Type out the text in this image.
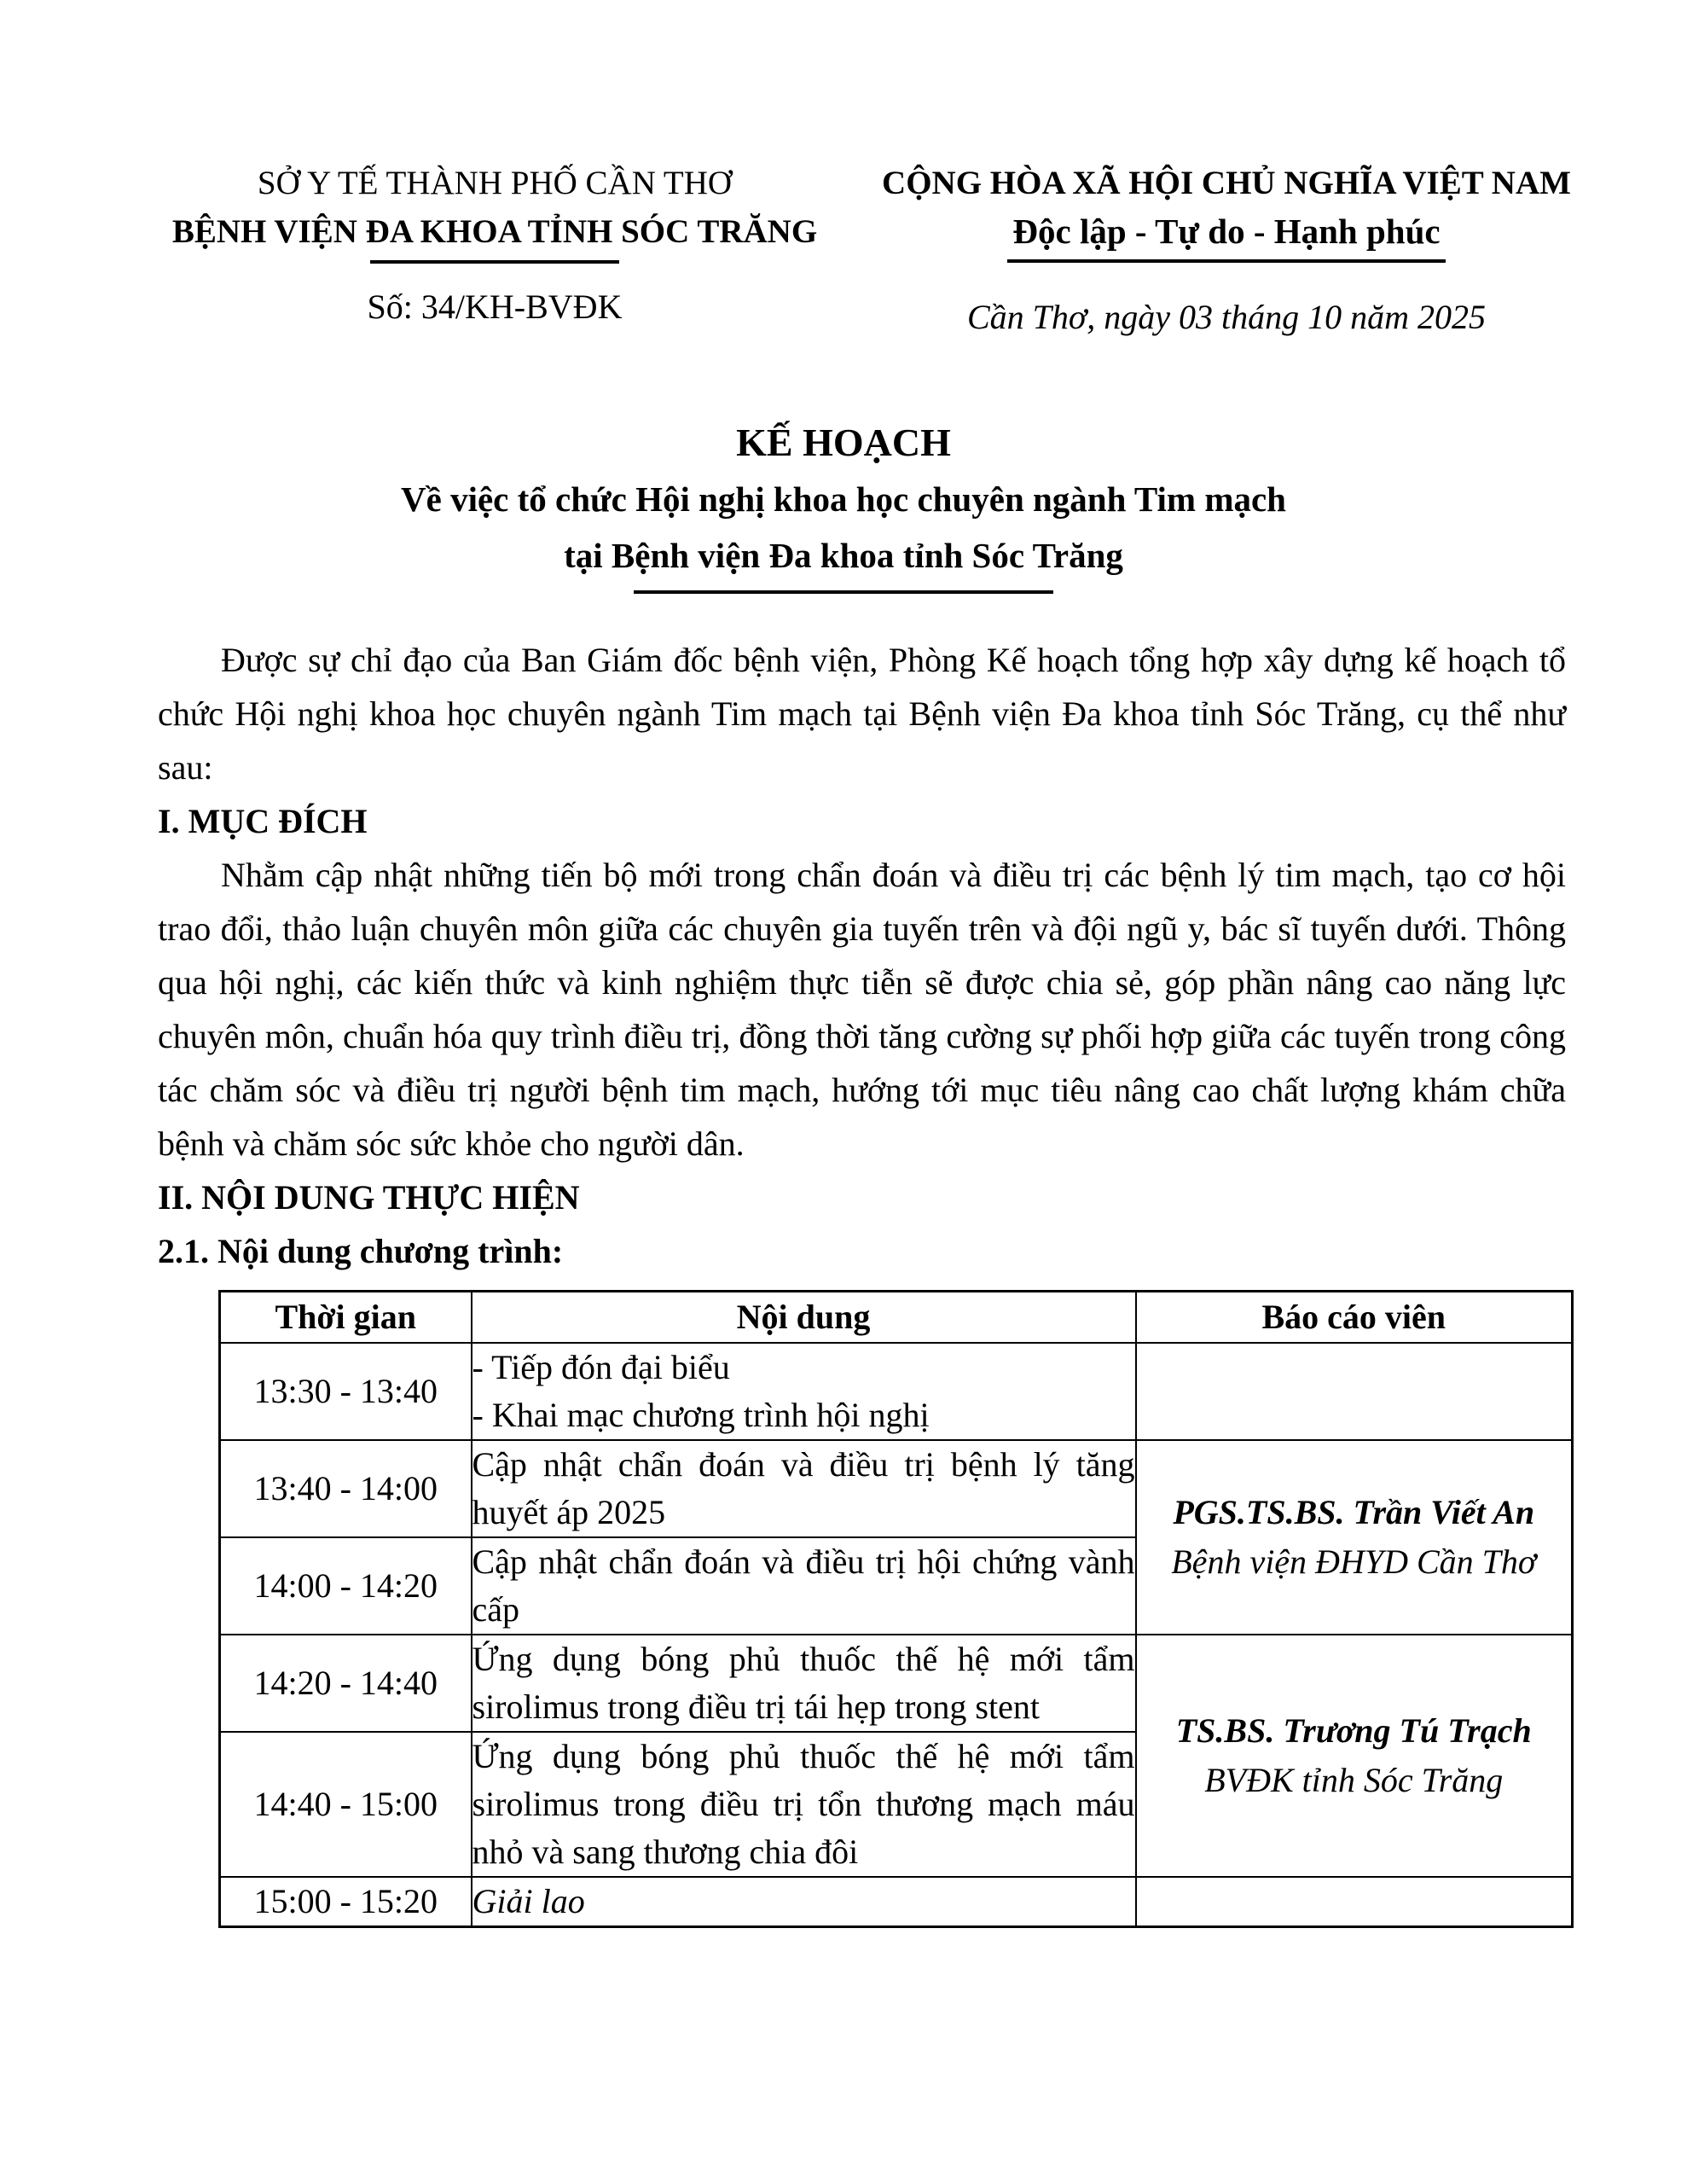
SỞ Y TẾ THÀNH PHỐ CẦN THƠ
BỆNH VIỆN ĐA KHOA TỈNH SÓC TRĂNG
Số: 34/KH-BVĐK
CỘNG HÒA XÃ HỘI CHỦ NGHĨA VIỆT NAM
Độc lập - Tự do - Hạnh phúc
Cần Thơ, ngày 03 tháng 10 năm 2025
KẾ HOẠCH
Về việc tổ chức Hội nghị khoa học chuyên ngành Tim mạch
tại Bệnh viện Đa khoa tỉnh Sóc Trăng

Được sự chỉ đạo của Ban Giám đốc bệnh viện, Phòng Kế hoạch tổng hợp xây dựng kế hoạch tổ chức Hội nghị khoa học chuyên ngành Tim mạch tại Bệnh viện Đa khoa tỉnh Sóc Trăng, cụ thể như sau:

I. MỤC ĐÍCH

Nhằm cập nhật những tiến bộ mới trong chẩn đoán và điều trị các bệnh lý tim mạch, tạo cơ hội trao đổi, thảo luận chuyên môn giữa các chuyên gia tuyến trên và đội ngũ y, bác sĩ tuyến dưới. Thông qua hội nghị, các kiến thức và kinh nghiệm thực tiễn sẽ được chia sẻ, góp phần nâng cao năng lực chuyên môn, chuẩn hóa quy trình điều trị, đồng thời tăng cường sự phối hợp giữa các tuyến trong công tác chăm sóc và điều trị người bệnh tim mạch, hướng tới mục tiêu nâng cao chất lượng khám chữa bệnh và chăm sóc sức khỏe cho người dân.

II. NỘI DUNG THỰC HIỆN
2.1. Nội dung chương trình:
Thời gian	Nội dung	Báo cáo viên
13:30 - 13:40	- Tiếp đón đại biểu
- Khai mạc chương trình hội nghị	

13:40 - 14:00	Cập nhật chẩn đoán và điều trị bệnh lý tăng huyết áp 2025	PGS.TS.BS. Trần Viết An
Bệnh viện ĐHYD Cần Thơ

14:00 - 14:20	Cập nhật chẩn đoán và điều trị hội chứng vành cấp	
14:20 - 14:40	Ứng dụng bóng phủ thuốc thế hệ mới tẩm sirolimus trong điều trị tái hẹp trong stent	TS.BS. Trương Tú Trạch
BVĐK tỉnh Sóc Trăng

14:40 - 15:00	Ứng dụng bóng phủ thuốc thế hệ mới tẩm sirolimus trong điều trị tổn thương mạch máu nhỏ và sang thương chia đôi	
15:00 - 15:20	Giải lao	
